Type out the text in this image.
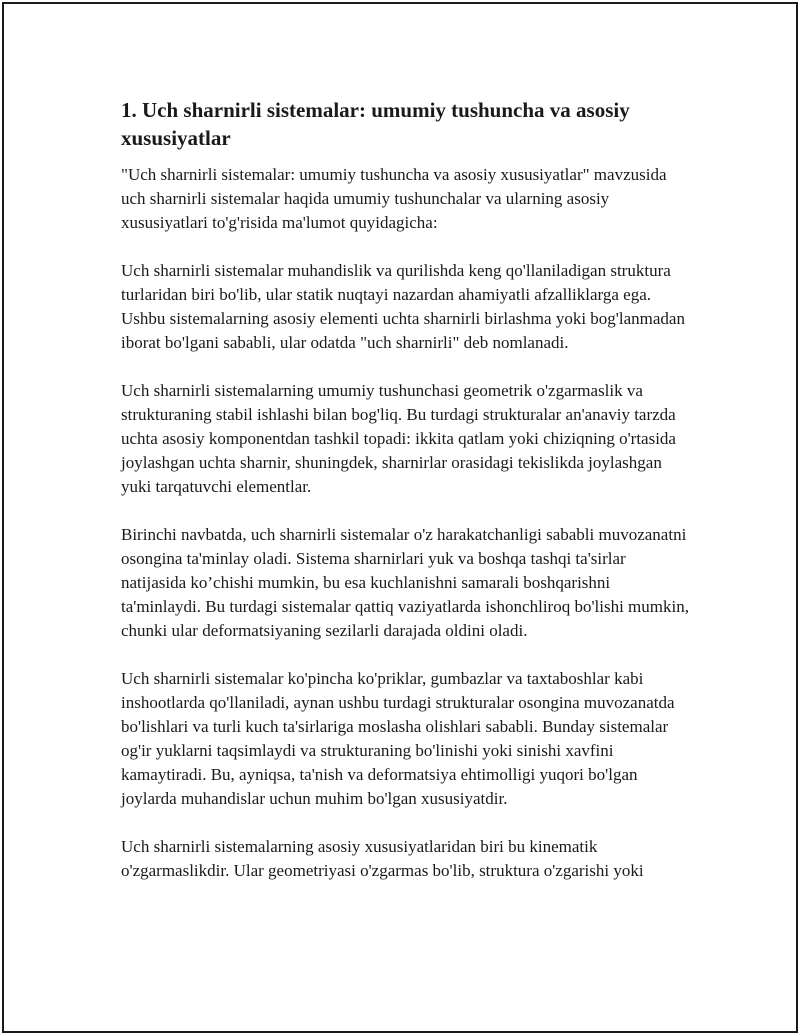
1. Uch sharnirli sistemalar: umumiy tushuncha va asosiy xususiyatlar

"Uch sharnirli sistemalar: umumiy tushuncha va asosiy xususiyatlar" mavzusida uch sharnirli sistemalar haqida umumiy tushunchalar va ularning asosiy xususiyatlari to'g'risida ma'lumot quyidagicha:

Uch sharnirli sistemalar muhandislik va qurilishda keng qo'llaniladigan struktura turlaridan biri bo'lib, ular statik nuqtayi nazardan ahamiyatli afzalliklarga ega. Ushbu sistemalarning asosiy elementi uchta sharnirli birlashma yoki bog'lanmadan iborat bo'lgani sababli, ular odatda "uch sharnirli" deb nomlanadi.

Uch sharnirli sistemalarning umumiy tushunchasi geometrik o'zgarmaslik va strukturaning stabil ishlashi bilan bog'liq. Bu turdagi strukturalar an'anaviy tarzda uchta asosiy komponentdan tashkil topadi: ikkita qatlam yoki chiziqning o'rtasida joylashgan uchta sharnir, shuningdek, sharnirlar orasidagi tekislikda joylashgan yuki tarqatuvchi elementlar.

Birinchi navbatda, uch sharnirli sistemalar o'z harakatchanligi sababli muvozanatni osongina ta'minlay oladi. Sistema sharnirlari yuk va boshqa tashqi ta'sirlar natijasida ko’chishi mumkin, bu esa kuchlanishni samarali boshqarishni ta'minlaydi. Bu turdagi sistemalar qattiq vaziyatlarda ishonchliroq bo'lishi mumkin, chunki ular deformatsiyaning sezilarli darajada oldini oladi.

Uch sharnirli sistemalar ko'pincha ko'priklar, gumbazlar va taxtaboshlar kabi inshootlarda qo'llaniladi, aynan ushbu turdagi strukturalar osongina muvozanatda bo'lishlari va turli kuch ta'sirlariga moslasha olishlari sababli. Bunday sistemalar og'ir yuklarni taqsimlaydi va strukturaning bo'linishi yoki sinishi xavfini kamaytiradi. Bu, ayniqsa, ta'nish va deformatsiya ehtimolligi yuqori bo'lgan joylarda muhandislar uchun muhim bo'lgan xususiyatdir.

Uch sharnirli sistemalarning asosiy xususiyatlaridan biri bu kinematik o'zgarmaslikdir. Ular geometriyasi o'zgarmas bo'lib, struktura o'zgarishi yoki
